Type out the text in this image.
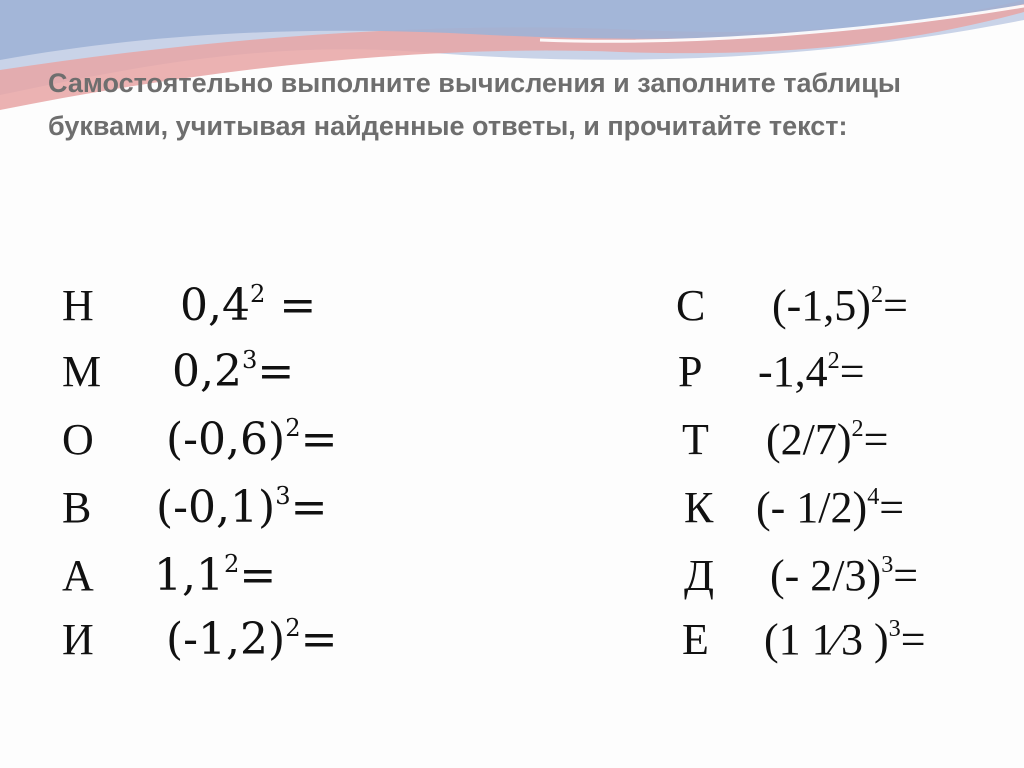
Самостоятельно выполните вычисления и заполните таблицы буквами, учитывая найденные ответы, и прочитайте текст:

Н $0,4^2$ =
М $0,2^3=$
О $(-0,6)^2=$
В $(-0,1)^3=$
А $1,1^2=$
И $(-1,2)^2=$
С $(-1,5)^2=$
Р $-1,4^2=$
Т $(2/7)^2=$
К (- 1/2)$^4$=
Д (- 2/3)$^3$=
Е (1 1⁄3 )$^3$=
